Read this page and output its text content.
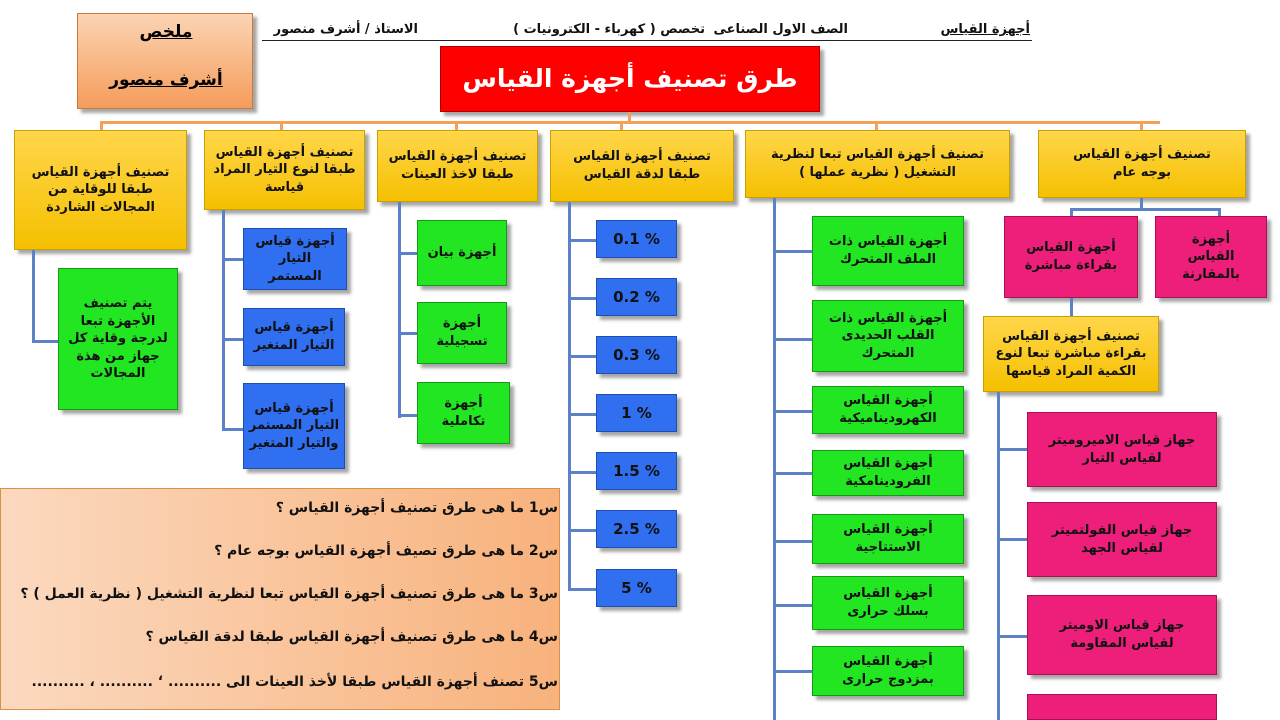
أجهزة القياس
الصف الاول الصناعى
تخصص ( كهرباء - الكترونيات )
الاستاذ / أشرف منصور
ملخص
أشرف منصور	طرق تصنيف أجهزة القياس
تصنيف أجهزة القياس بوجه عام
تصنيف أجهزة القياس تبعا لنظرية التشغيل ( نظرية عملها )
تصنيف أجهزة القياس طبقا لدقة القياس
تصنيف أجهزة القياس طبقا لاخذ العينات
تصنيف أجهزة القياس طبقا لنوع التيار المراد قياسة
تصنيف أجهزة القياس طبقا للوقاية من المجالات الشاردة
أجهزة القياس بالمقارنة
أجهزة القياس بقراءة مباشرة
تصنيف أجهزة القياس بقراءة مباشرة تبعا لنوع الكمية المراد قياسها
جهاز قياس الاميروميتر لقياس التيار
جهاز قياس الفولتميتر لقياس الجهد
جهاز قياس الاوميتر لقياس المقاومة
أجهزة القياس ذات الملف المتحرك
أجهزة القياس ذات القلب الحديدى المتحرك
أجهزة القياس الكهروديناميكية
أجهزة القياس الفرودينامكية
أجهزة القياس الاستتاجية
أجهزة القياس بسلك حرارى
أجهزة القياس بمزدوج حرارى
0.1 %
0.2 %
0.3 %
1 %
1.5 %
2.5 %
5 %
أجهزة بيان
أجهزة تسجيلية
أجهزة تكاملية
أجهزة قياس التيار المستمر
أجهزة قياس التيار المتغير
أجهزة قياس التيار المستمر والتيار المتغير
يتم تصنيف الأجهزة تبعا لدرجة وقاية كل جهاز من هذة المجالات
س1 ما هى طرق تصنيف أجهزة القياس ؟
س2 ما هى طرق تصيف أجهزة القياس بوجه عام ؟
س3 ما هى طرق تصنيف أجهزة القياس تبعا لنظرية التشغيل ( نظرية العمل ) ؟
س4 ما هى طرق تصنيف أجهزة القياس طبقا لدقة القياس ؟
س5 تصنف أجهزة القياس طبقا لأخذ العينات الى .......... ‘ .......... ، ..........
